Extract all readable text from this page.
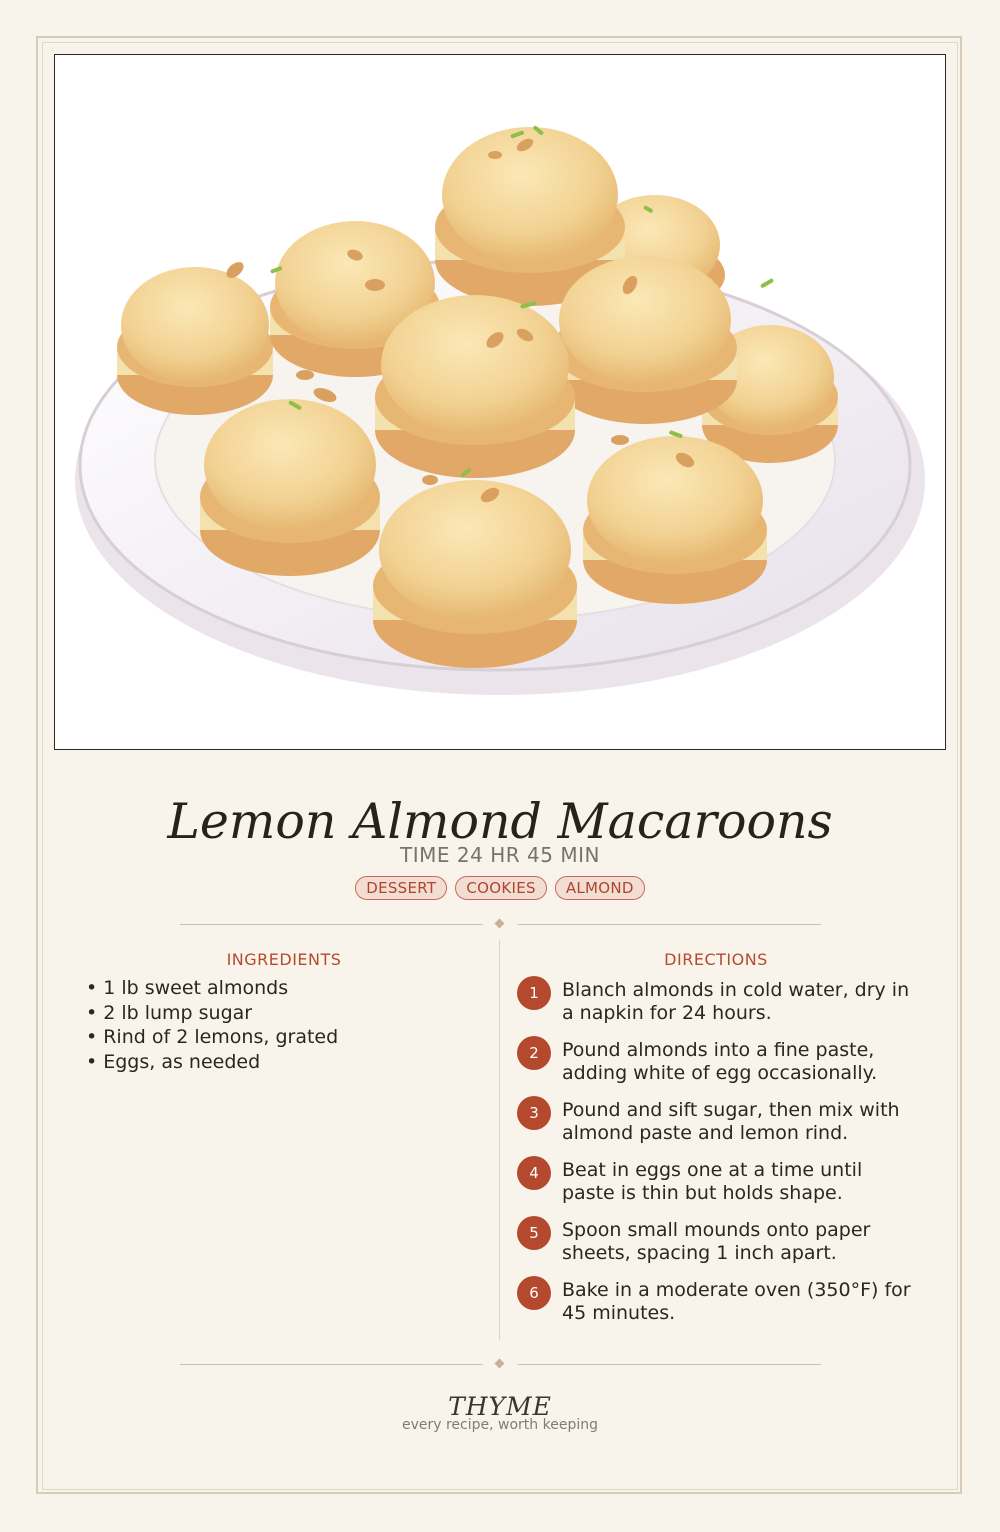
Lemon Almond Macaroons
TIME 24 HR 45 MIN
DESSERT	COOKIES	ALMOND
INGREDIENTS
• 1 lb sweet almonds
• 2 lb lump sugar
• Rind of 2 lemons, grated
• Eggs, as needed
DIRECTIONS
1	Blanch almonds in cold water, dry in a napkin for 24 hours.
2	Pound almonds into a fine paste, adding white of egg occasionally.
3	Pound and sift sugar, then mix with almond paste and lemon rind.
4	Beat in eggs one at a time until paste is thin but holds shape.
5	Spoon small mounds onto paper sheets, spacing 1 inch apart.
6	Bake in a moderate oven (350°F) for 45 minutes.
THYME
every recipe, worth keeping
